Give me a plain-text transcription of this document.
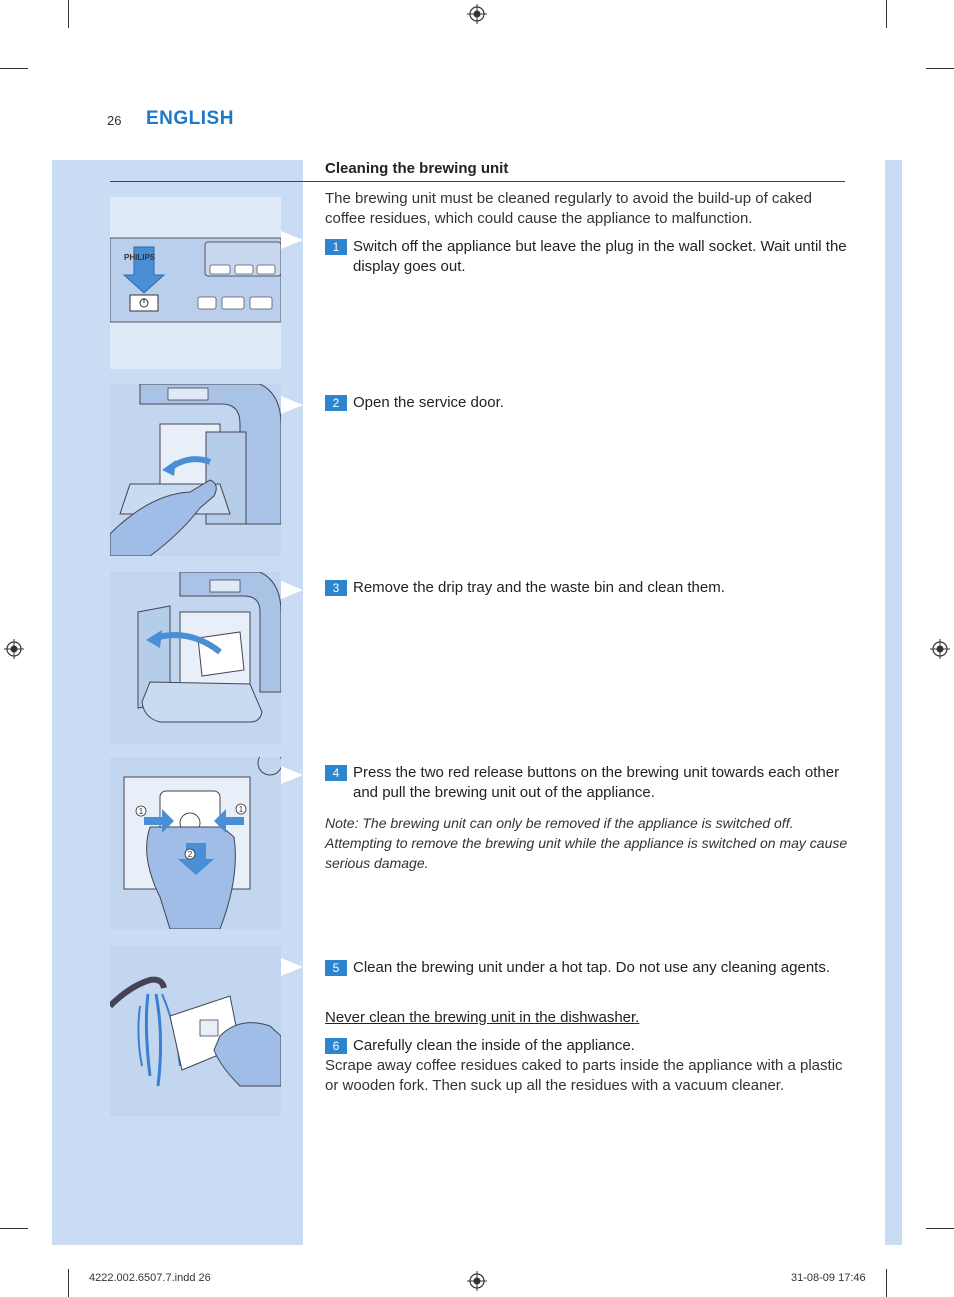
26 ENGLISH
Cleaning the brewing unit
The brewing unit must be cleaned regularly to avoid the build-up of caked coffee residues, which could cause the appliance to malfunction.
PHILIPS
1	1
2
1 Switch off the appliance but leave the plug in the wall socket. Wait until the display goes out.
2 Open the service door.
3 Remove the drip tray and the waste bin and clean them.
4 Press the two red release buttons on the brewing unit towards each other and pull the brewing unit out of the appliance.
Note: The brewing unit can only be removed if the appliance is switched off. Attempting to remove the brewing unit while the appliance is switched on may cause serious damage.
5 Clean the brewing unit under a hot tap. Do not use any cleaning agents.
Never clean the brewing unit in the dishwasher.
6 Carefully clean the inside of the appliance.
Scrape away coffee residues caked to parts inside the appliance with a plastic or wooden fork. Then suck up all the residues with a vacuum cleaner.
4222.002.6507.7.indd 26	31-08-09 17:46
